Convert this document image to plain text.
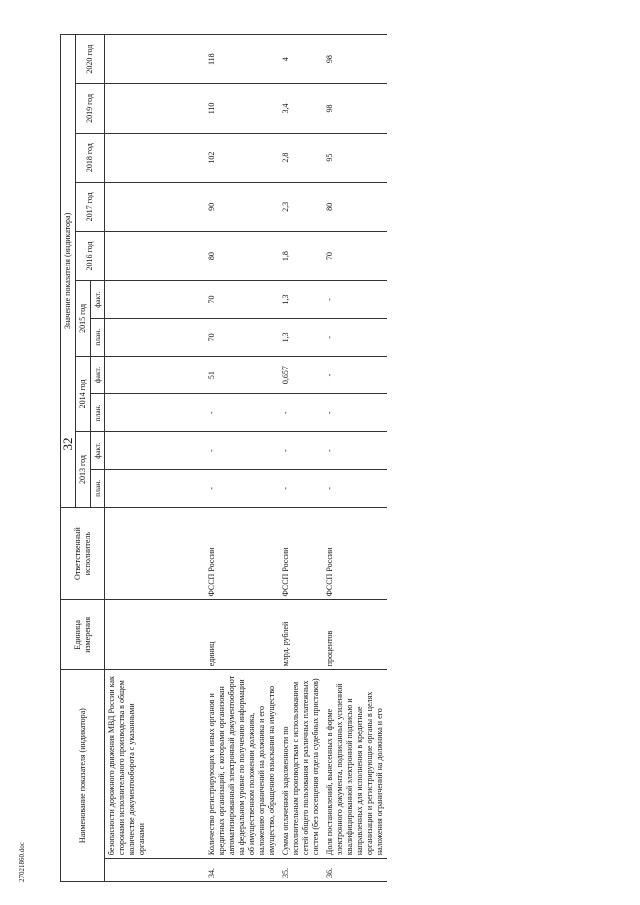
32
27021860.doc
Наименование показателя (индикатора)		Единица измерения	Ответственный исполнитель	Значение показателя (индикатора)										
				2013 год		2014 год		2015 год		2016 год	2017 год	2018 год	2019 год	2020 год
				план.	факт.	план.	факт.	план.	факт.					
	безопасности дорожного движения МВД России как сторонами исполнительного производства в общем количестве документооборота с указанными органами													
34.	Количество регистрирующих и иных органов и кредитных организаций, с которыми организован автоматизированный электронный документооборот на федеральном уровне по получению информации об имущественном положении должника, наложению ограничений на должника и его имущество, обращению взыскания на имущество	единиц	ФССП России	-	-	-	51	70	70	80	90	102	110	118
35.	Сумма оплаченной задолженности по исполнительным производствам с использованием сетей общего пользования и различных платежных систем (без посещения отдела судебных приставов)	млрд. рублей	ФССП России	-	-	-	0,657	1,3	1,3	1,8	2,3	2,8	3,4	4
36.	Доля постановлений, вынесенных в форме электронного документа, подписанных усиленной квалифицированной электронной подписью и направленных для исполнения в кредитные организации и регистрирующие органы в целях наложения ограничений на должника и его	процентов	ФССП России	-	-	-	-	-	-	70	80	95	98	98
